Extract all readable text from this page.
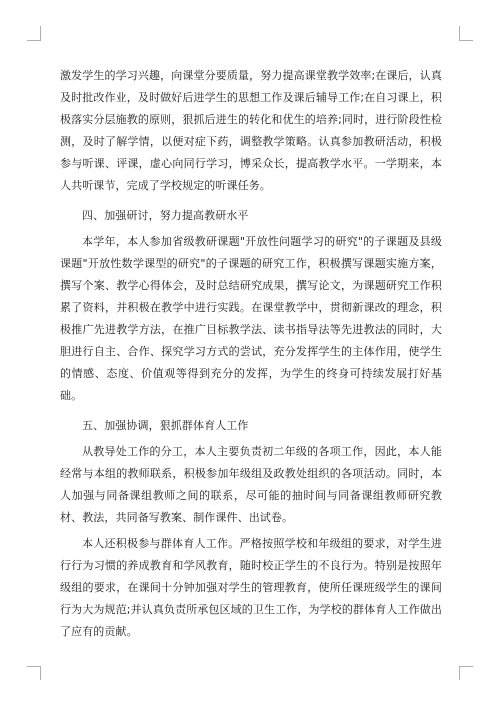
激发学生的学习兴趣，向课堂分要质量，努力提高课堂教学效率;在课后，认真及时批改作业，及时做好后进学生的思想工作及课后辅导工作;在自习课上，积极落实分层施教的原则，狠抓后进生的转化和优生的培养;同时，进行阶段性检测，及时了解学情，以便对症下药，调整教学策略。认真参加教研活动，积极参与听课、评课，虚心向同行学习，博采众长，提高教学水平。一学期来，本人共听课节，完成了学校规定的听课任务。

四、加强研讨，努力提高教研水平

本学年，本人参加省级教研课题"开放性问题学习的研究"的子课题及县级课题"开放性数学课型的研究"的子课题的研究工作，积极撰写课题实施方案，撰写个案、教学心得体会，及时总结研究成果，撰写论文，为课题研究工作积累了资料，并积极在教学中进行实践。在课堂教学中，贯彻新课改的理念，积极推广先进教学方法，在推广目标教学法、读书指导法等先进教法的同时，大胆进行自主、合作、探究学习方式的尝试，充分发挥学生的主体作用，使学生的情感、态度、价值观等得到充分的发挥，为学生的终身可持续发展打好基础。

五、加强协调，狠抓群体育人工作

从教导处工作的分工，本人主要负责初二年级的各项工作，因此，本人能经常与本组的教师联系，积极参加年级组及政教处组织的各项活动。同时，本人加强与同备课组教师之间的联系，尽可能的抽时间与同备课组教师研究教材、教法，共同备写教案、制作课件、出试卷。

本人还积极参与群体育人工作。严格按照学校和年级组的要求，对学生进行行为习惯的养成教育和学风教育，随时校正学生的不良行为。特别是按照年级组的要求，在课间十分钟加强对学生的管理教育，使所任课班级学生的课间行为大为规范;并认真负责所承包区域的卫生工作，为学校的群体育人工作做出了应有的贡献。
